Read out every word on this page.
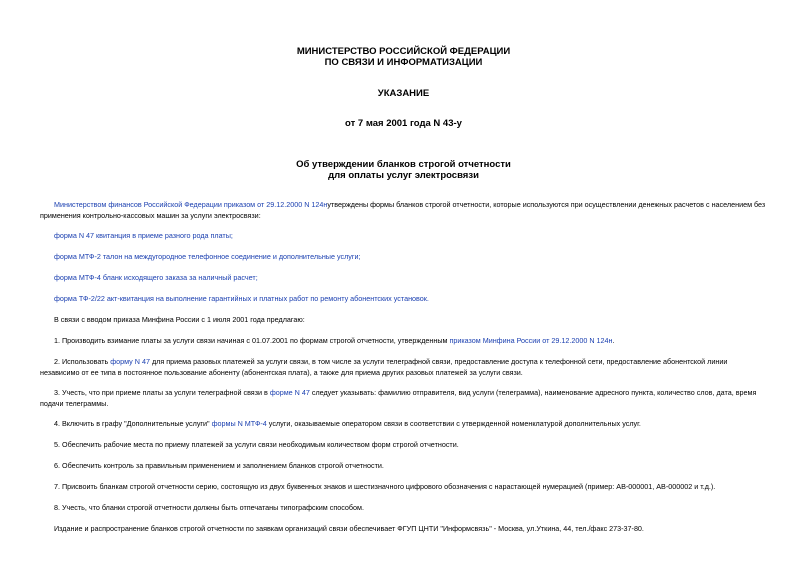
МИНИСТЕРСТВО РОССИЙСКОЙ ФЕДЕРАЦИИ
ПО СВЯЗИ И ИНФОРМАТИЗАЦИИ
УКАЗАНИЕ
от 7 мая 2001 года N 43-у
Об утверждении бланков строгой отчетности
для оплаты услуг электросвязи
Министерством финансов Российской Федерации приказом от 29.12.2000 N 124нутверждены формы бланков строгой отчетности, которые используются при осуществлении денежных расчетов с населением без применения контрольно-кассовых машин за услуги электросвязи:
форма N 47 квитанция в приеме разного рода платы;
форма МТФ-2 талон на междугородное телефонное соединение и дополнительные услуги;
форма МТФ-4 бланк исходящего заказа за наличный расчет;
форма ТФ-2/22 акт-квитанция на выполнение гарантийных и платных работ по ремонту абонентских установок.
В связи с вводом приказа Минфина России с 1 июля 2001 года предлагаю:
1. Производить взимание платы за услуги связи начиная с 01.07.2001 по формам строгой отчетности, утвержденным приказом Минфина России от 29.12.2000 N 124н.
2. Использовать форму N 47 для приема разовых платежей за услуги связи, в том числе за услуги телеграфной связи, предоставление доступа к телефонной сети, предоставление абонентской линии независимо от ее типа в постоянное пользование абоненту (абонентская плата), а также для приема других разовых платежей за услуги связи.
3. Учесть, что при приеме платы за услуги телеграфной связи в форме N 47 следует указывать: фамилию отправителя, вид услуги (телеграмма), наименование адресного пункта, количество слов, дата, время подачи телеграммы.
4. Включить в графу "Дополнительные услуги" формы N МТФ-4 услуги, оказываемые оператором связи в соответствии с утвержденной номенклатурой дополнительных услуг.
5. Обеспечить рабочие места по приему платежей за услуги связи необходимым количеством форм строгой отчетности.
6. Обеспечить контроль за правильным применением и заполнением бланков строгой отчетности.
7. Присвоить бланкам строгой отчетности серию, состоящую из двух буквенных знаков и шестизначного цифрового обозначения с нарастающей нумерацией (пример: АВ-000001, АВ-000002 и т.д.).
8. Учесть, что бланки строгой отчетности должны быть отпечатаны типографским способом.
Издание и распространение бланков строгой отчетности по заявкам организаций связи обеспечивает ФГУП ЦНТИ "Информсвязь" - Москва, ул.Уткина, 44, тел./факс 273-37-80.
